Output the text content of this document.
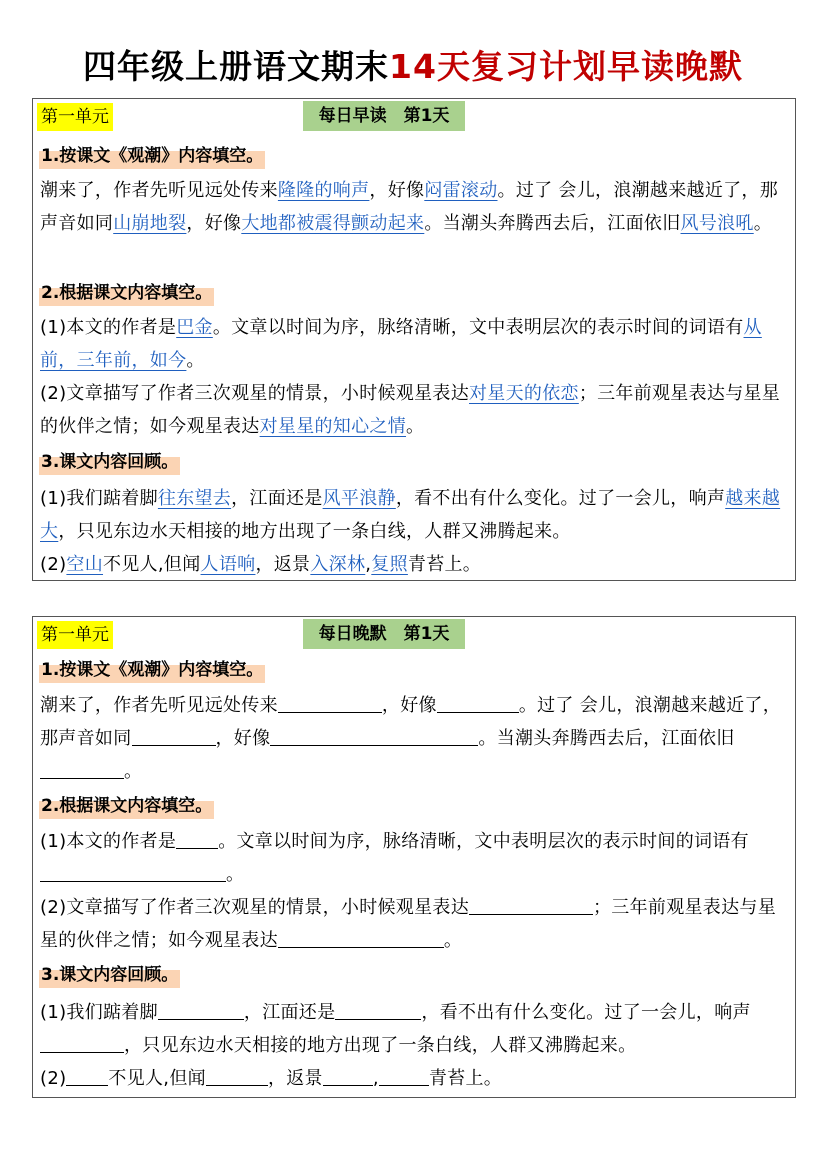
四年级上册语文期末14天复习计划早读晚默
第一单元	每日早读　第1天
1.按课文《观潮》内容填空。
潮来了，作者先听见远处传来隆隆的响声，好像闷雷滚动。过了 会儿，浪潮越来越近了，那声音如同山崩地裂，好像大地都被震得颤动起来。当潮头奔腾西去后，江面依旧风号浪吼。
2.根据课文内容填空。
(1)本文的作者是巴金。文章以时间为序，脉络清晰，文中表明层次的表示时间的词语有从前，三年前，如今。
(2)文章描写了作者三次观星的情景，小时候观星表达对星天的依恋；三年前观星表达与星星的伙伴之情；如今观星表达对星星的知心之情。
3.课文内容回顾。
(1)我们踮着脚往东望去，江面还是风平浪静，看不出有什么变化。过了一会儿，响声越来越大，只见东边水天相接的地方出现了一条白线，人群又沸腾起来。
(2)空山不见人,但闻人语响，返景入深林,复照青苔上。
第一单元	每日晚默　第1天
1.按课文《观潮》内容填空。
潮来了，作者先听见远处传来	，好像	。过了 会儿，浪潮越来越近了，那声音如同	，好像	。当潮头奔腾西去后，江面依旧。
2.根据课文内容填空。
(1)本文的作者是 。文章以时间为序，脉络清晰，文中表明层次的表示时间的词语有。
(2)文章描写了作者三次观星的情景，小时候观星表达	；三年前观星表达与星星的伙伴之情；如今观星表达	。
3.课文内容回顾。
(1)我们踮着脚	，江面还是	，看不出有什么变化。过了一会儿，响声，只见东边水天相接的地方出现了一条白线，人群又沸腾起来。
(2) 不见人,但闻	，返景	,	青苔上。
